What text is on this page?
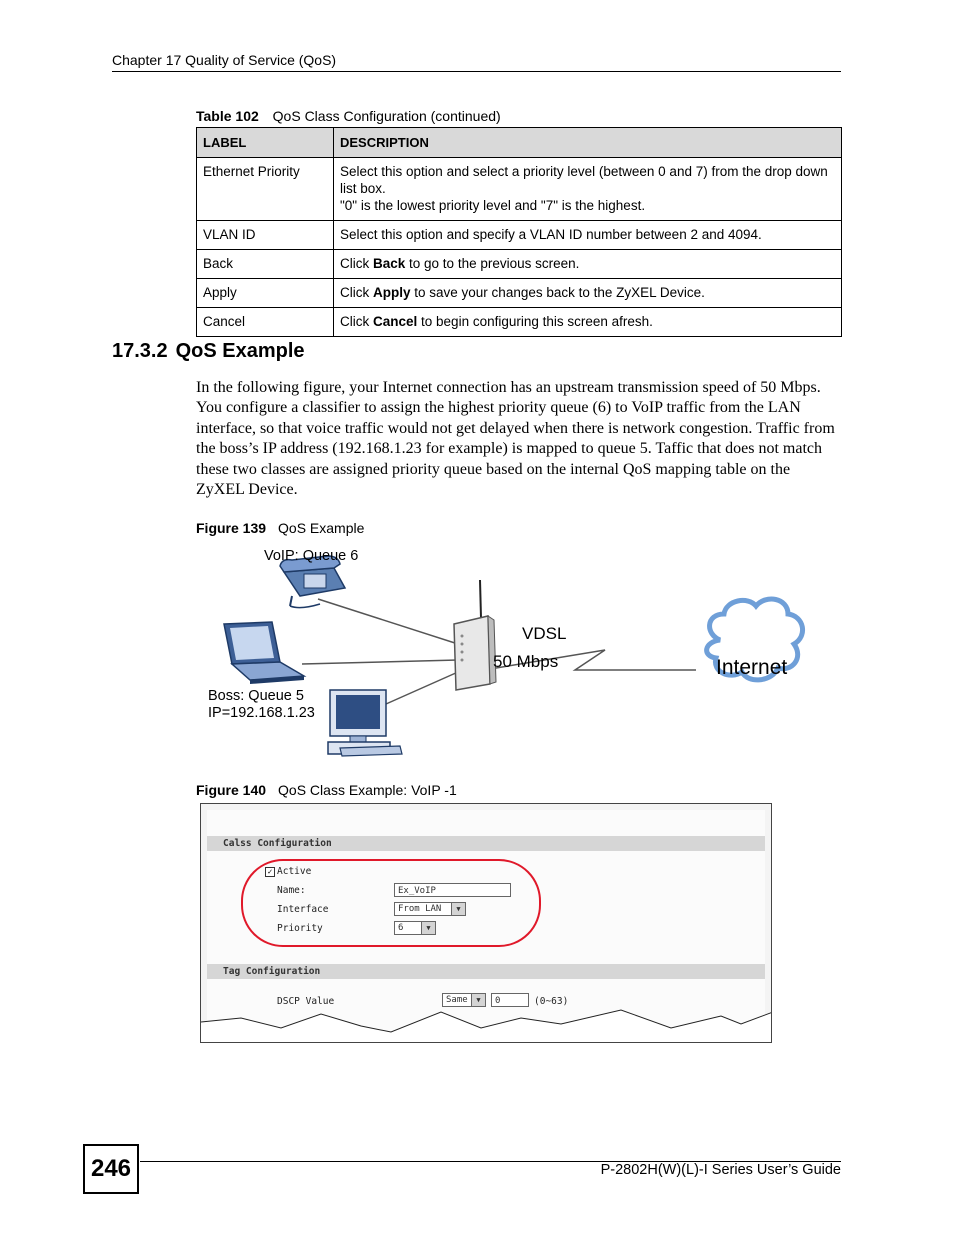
Chapter 17 Quality of Service (QoS)
Table 102 QoS Class Configuration (continued)
LABEL	DESCRIPTION
Ethernet Priority	Select this option and select a priority level (between 0 and 7) from the drop down list box.
"0" is the lowest priority level and "7" is the highest.

VLAN ID	Select this option and specify a VLAN ID number between 2 and 4094.
Back	Click Back to go to the previous screen.
Apply	Click Apply to save your changes back to the ZyXEL Device.
Cancel	Click Cancel to begin configuring this screen afresh.
17.3.2 QoS Example
In the following figure, your Internet connection has an upstream transmission speed of 50 Mbps. You configure a classifier to assign the highest priority queue (6) to VoIP traffic from the LAN interface, so that voice traffic would not get delayed when there is network congestion. Traffic from the boss’s IP address (192.168.1.23 for example) is mapped to queue 5. Taffic that does not match these two classes are assigned priority queue based on the internal QoS mapping table on the ZyXEL Device.
Figure 139 QoS Example
VoIP: Queue 6
Boss: Queue 5
IP=192.168.1.23
VDSL
50 Mbps	Internet
Figure 140 QoS Class Example: VoIP -1
Calss Configuration
✓ Active
Name:	Ex_VoIP
Interface	From LAN	▼
Priority	6	▼
Tag Configuration
DSCP Value	Same	▼	0	(0~63)
246	P-2802H(W)(L)-I Series User’s Guide
